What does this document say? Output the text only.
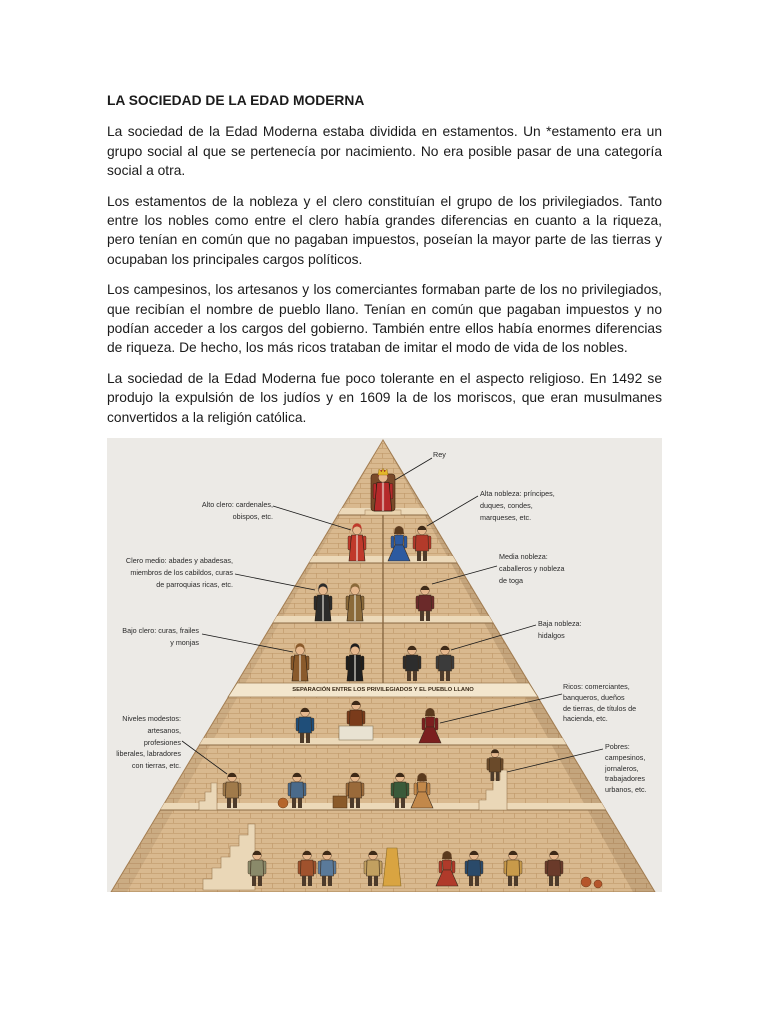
LA SOCIEDAD DE LA EDAD MODERNA
La sociedad de la Edad Moderna estaba dividida en estamentos. Un *estamento era un
grupo social al que se pertenecía por nacimiento. No era posible pasar de una categoría
social a otra.
Los estamentos de la nobleza y el clero constituían el grupo de los privilegiados. Tanto
entre los nobles como entre el clero había grandes diferencias en cuanto a la riqueza,
pero tenían en común que no pagaban impuestos, poseían la mayor parte de las tierras y
ocupaban los principales cargos políticos.
Los campesinos, los artesanos y los comerciantes formaban parte de los no privilegiados,
que recibían el nombre de pueblo llano. Tenían en común que pagaban impuestos y no
podían acceder a los cargos del gobierno. También entre ellos había enormes diferencias
de riqueza. De hecho, los más ricos trataban de imitar el modo de vida de los nobles.
La sociedad de la Edad Moderna fue poco tolerante en el aspecto religioso. En 1492 se
produjo la expulsión de los judíos y en 1609 la de los moriscos, que eran musulmanes
convertidos a la religión católica.
Rey
Alto clero: cardenales,
obispos, etc.
Alta nobleza: príncipes,
duques, condes,
marqueses, etc.
Clero medio: abades y abadesas,
miembros de los cabildos, curas
de parroquias ricas, etc.
Media nobleza:
caballeros y nobleza
de toga
Bajo clero: curas, frailes
y monjas
Baja nobleza:
hidalgos
SEPARACIÓN ENTRE LOS PRIVILEGIADOS Y EL PUEBLO LLANO	Ricos: comerciantes,
banqueros, dueños
de tierras, de títulos de
hacienda, etc.
Niveles modestos:
artesanos,
profesiones
liberales, labradores
con tierras, etc.
Pobres:
campesinos,
jornaleros,
trabajadores
urbanos, etc.
